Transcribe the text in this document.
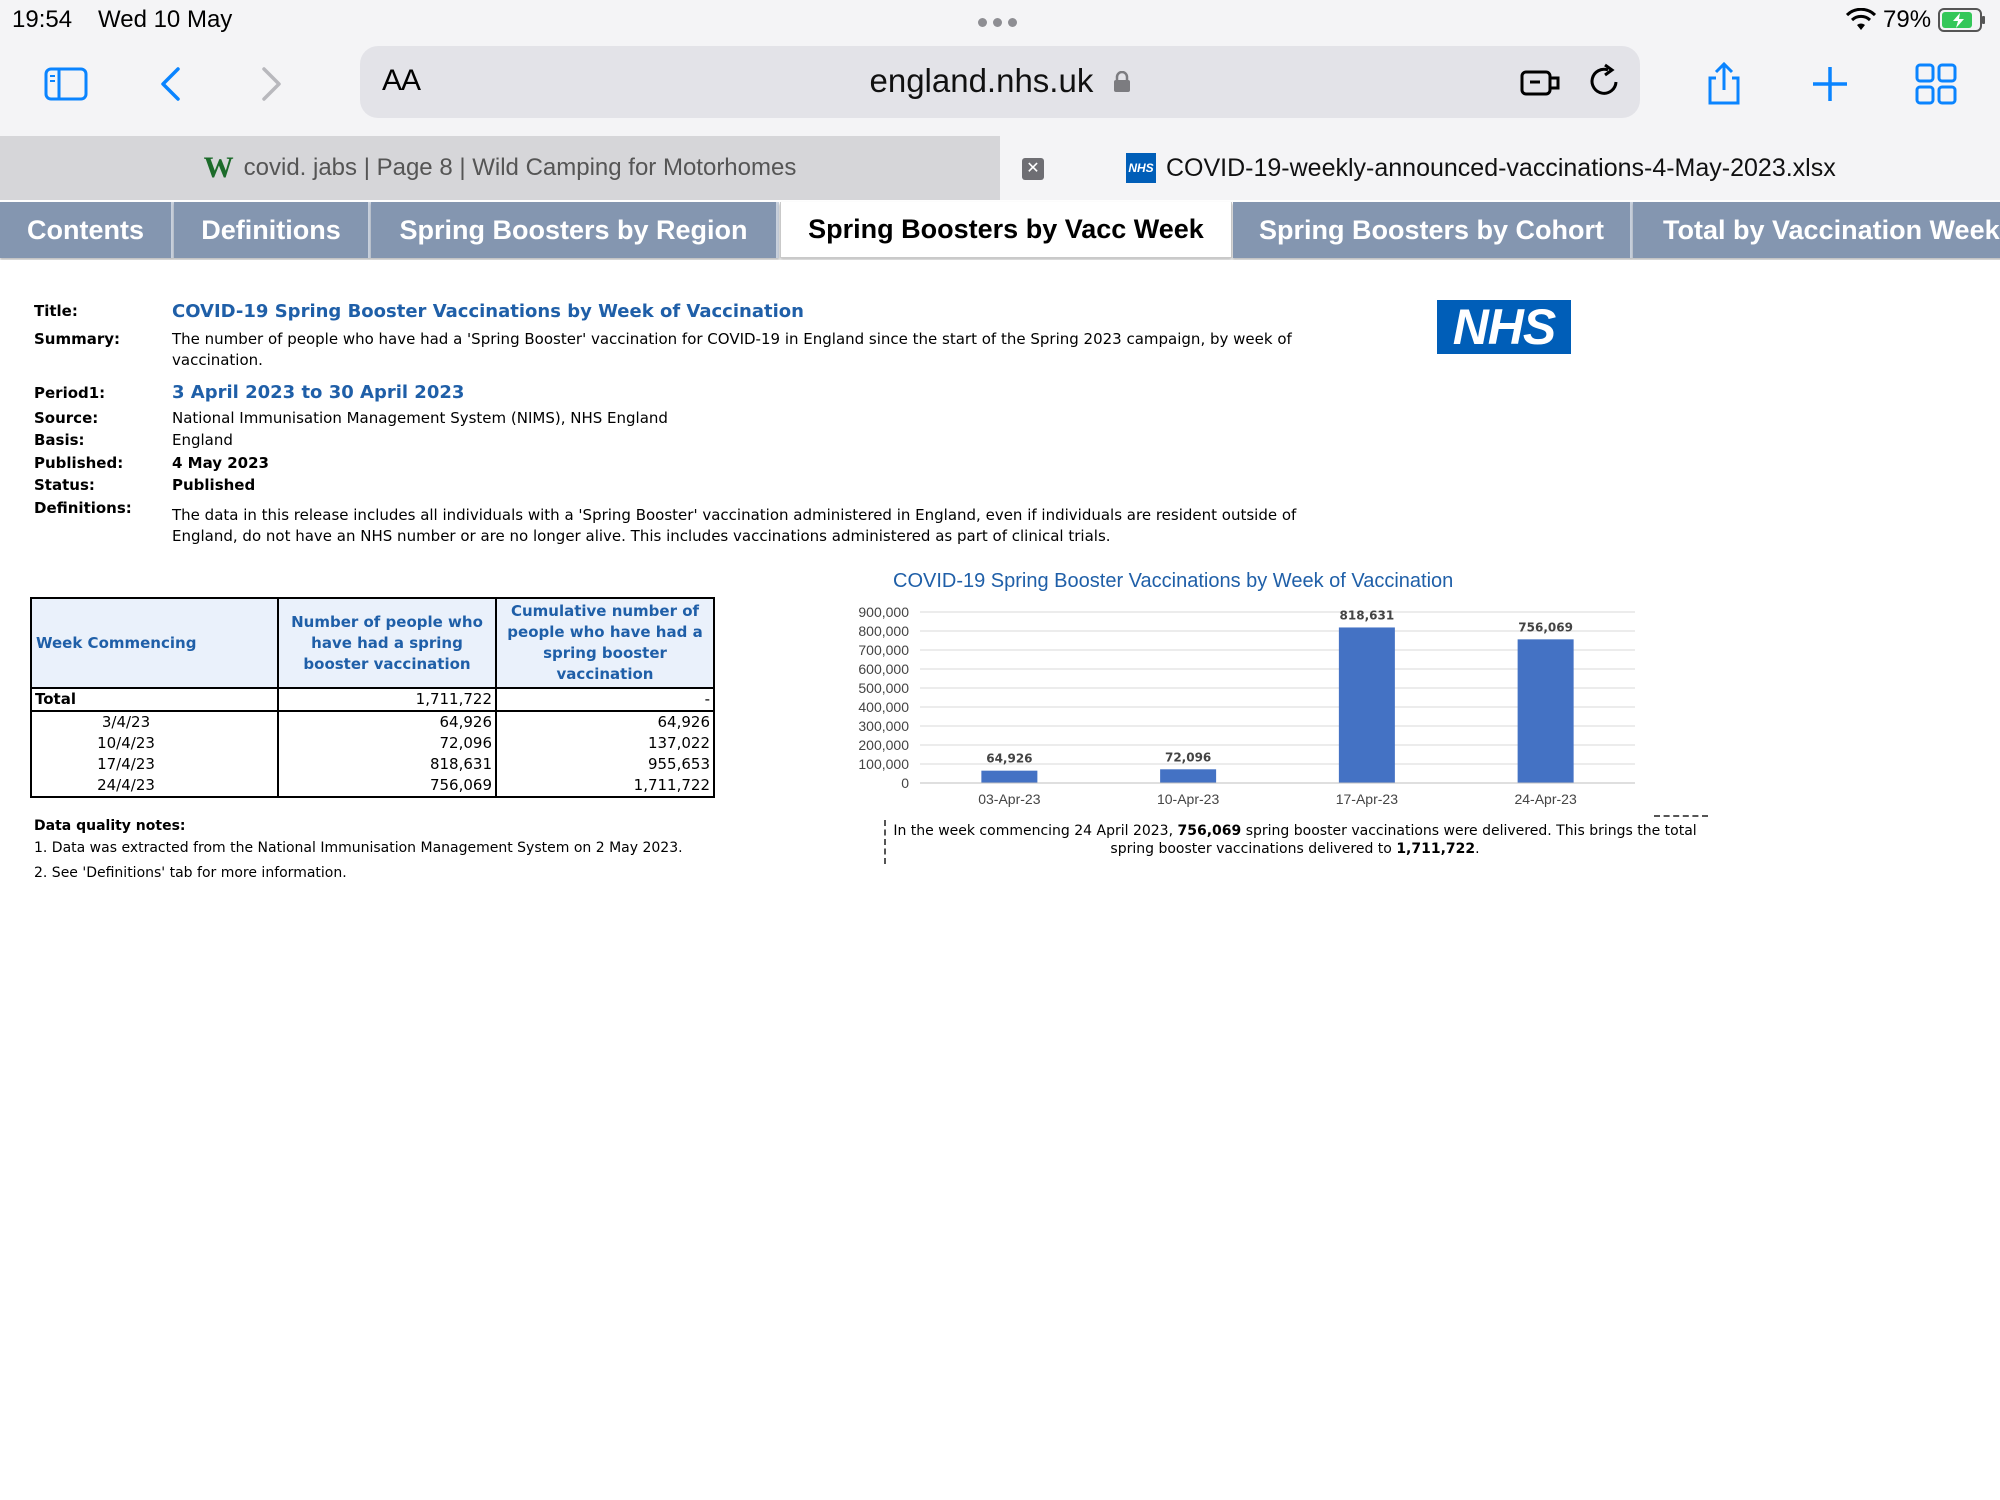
19:54 Wed 10 May	79%
AA	england.nhs.uk
W covid. jabs | Page 8 | Wild Camping for Motorhomes	✕	NHS COVID-19-weekly-announced-vaccinations-4-May-2023.xlsx
Contents	Definitions	Spring Boosters by Region	Spring Boosters by Vacc Week	Spring Boosters by Cohort	Total by Vaccination Week
Title:	COVID-19 Spring Booster Vaccinations by Week of Vaccination
Summary:	The number of people who have had a 'Spring Booster' vaccination for COVID-19 in England since the start of the Spring 2023 campaign, by week of
vaccination.
Period1:	3 April 2023 to 30 April 2023
Source:	National Immunisation Management System (NIMS), NHS England
Basis:	England
Published:	4 May 2023
Status:	Published
Definitions:	The data in this release includes all individuals with a 'Spring Booster' vaccination administered in England, even if individuals are resident outside of
England, do not have an NHS number or are no longer alive. This includes vaccinations administered as part of clinical trials.
NHS
Week Commencing	Number of people who have had a spring booster vaccination	Cumulative number of people who have had a spring booster vaccination
Total	1,711,722	-
3/4/23	64,926	64,926
10/4/23	72,096	137,022
17/4/23	818,631	955,653
24/4/23	756,069	1,711,722
Data quality notes:
1. Data was extracted from the National Immunisation Management System on 2 May 2023.
2. See 'Definitions' tab for more information.
COVID-19 Spring Booster Vaccinations by Week of Vaccination
0
100,000
200,000
300,000
400,000
500,000
600,000
700,000
800,000
900,000
64,926
03-Apr-23
72,096
10-Apr-23
818,631
17-Apr-23
756,069
24-Apr-23
In the week commencing 24 April 2023, 756,069 spring booster vaccinations were delivered. This brings the total
spring booster vaccinations delivered to 1,711,722.
